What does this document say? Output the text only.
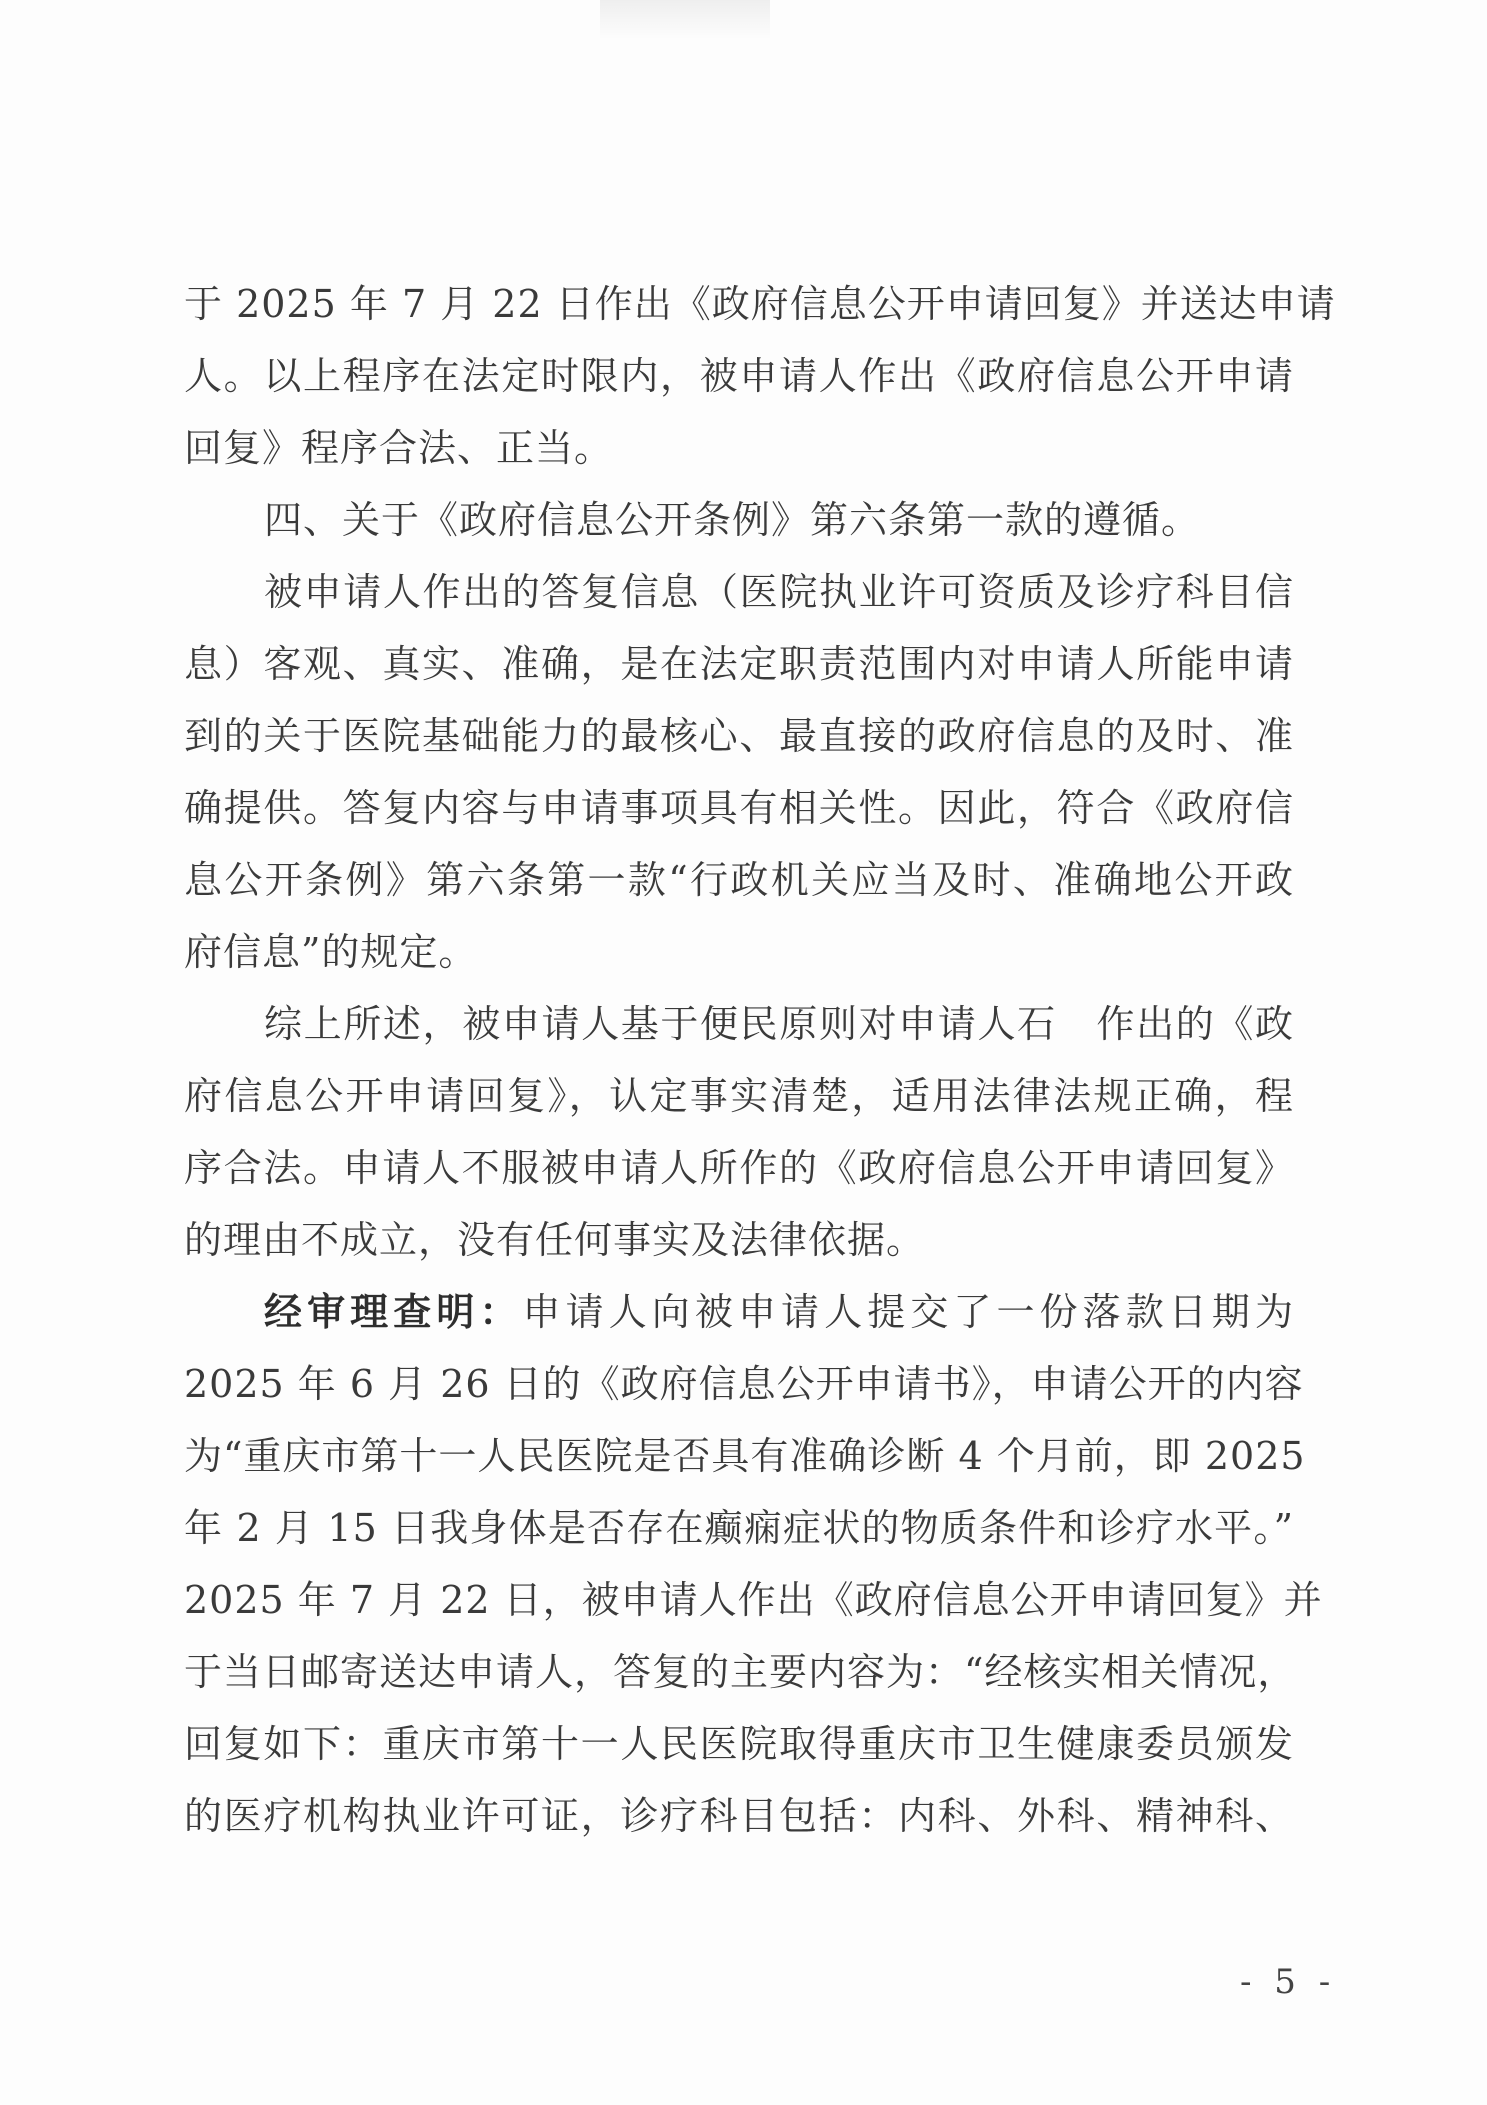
于 2025 年 7 月 22 日作出《政府信息公开申请回复》并送达申请
人。以上程序在法定时限内，被申请人作出《政府信息公开申请
回复》程序合法、正当。
四、关于《政府信息公开条例》第六条第一款的遵循。
被申请人作出的答复信息（医院执业许可资质及诊疗科目信
息）客观、真实、准确，是在法定职责范围内对申请人所能申请
到的关于医院基础能力的最核心、最直接的政府信息的及时、准
确提供。答复内容与申请事项具有相关性。因此，符合《政府信
息公开条例》第六条第一款“行政机关应当及时、准确地公开政
府信息”的规定。
综上所述，被申请人基于便民原则对申请人石　作出的《政
府信息公开申请回复》，认定事实清楚，适用法律法规正确，程
序合法。申请人不服被申请人所作的《政府信息公开申请回复》
的理由不成立，没有任何事实及法律依据。
经审理查明：申请人向被申请人提交了一份落款日期为
2025 年 6 月 26 日的《政府信息公开申请书》，申请公开的内容
为“重庆市第十一人民医院是否具有准确诊断 4 个月前，即 2025
年 2 月 15 日我身体是否存在癫痫症状的物质条件和诊疗水平。”
2025 年 7 月 22 日，被申请人作出《政府信息公开申请回复》并
于当日邮寄送达申请人，答复的主要内容为：“经核实相关情况，
回复如下：重庆市第十一人民医院取得重庆市卫生健康委员颁发
的医疗机构执业许可证，诊疗科目包括：内科、外科、精神科、
- 5 -
